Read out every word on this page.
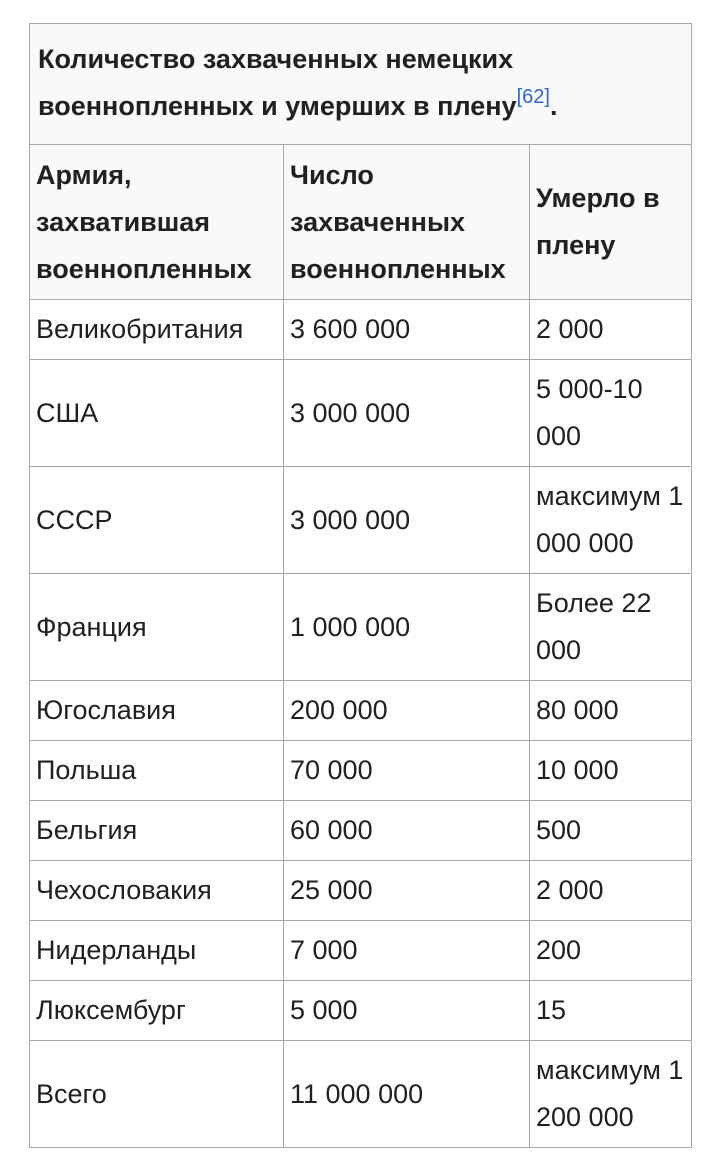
Количество захваченных немецких военнопленных и умерших в плену[62].
Армия, захватившая военнопленных	Число захваченных военнопленных	Умерло в плену
Великобритания	3 600 000	2 000
США	3 000 000	5 000-10 000
СССР	3 000 000	максимум 1 000 000
Франция	1 000 000	Более 22 000
Югославия	200 000	80 000
Польша	70 000	10 000
Бельгия	60 000	500
Чехословакия	25 000	2 000
Нидерланды	7 000	200
Люксембург	5 000	15
Всего	11 000 000	максимум 1 200 000
